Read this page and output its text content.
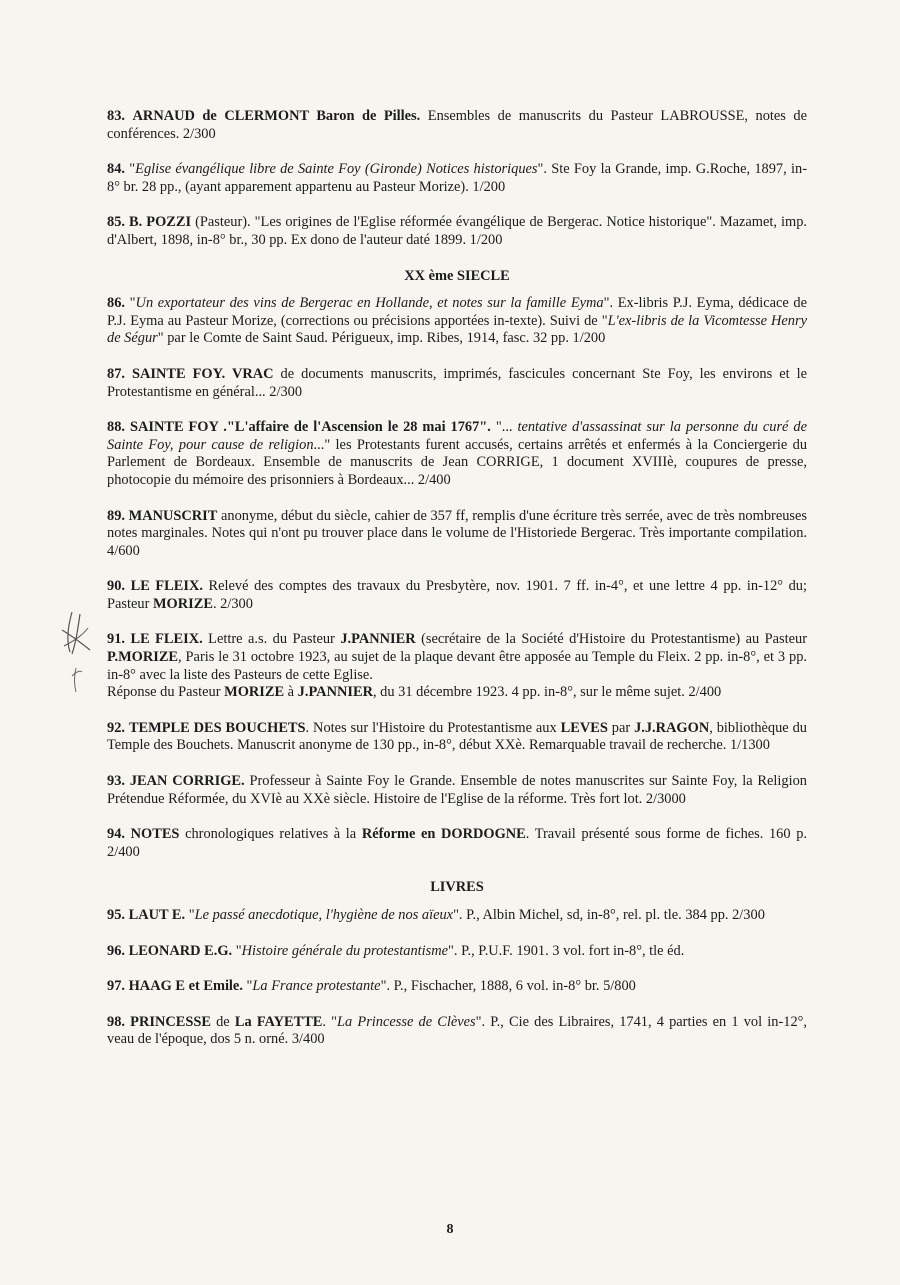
83. ARNAUD de CLERMONT Baron de Pilles. Ensembles de manuscrits du Pasteur LABROUSSE, notes de conférences. 2/300

84. "Eglise évangélique libre de Sainte Foy (Gironde) Notices historiques". Ste Foy la Grande, imp. G.Roche, 1897, in-8° br. 28 pp., (ayant apparement appartenu au Pasteur Morize). 1/200

85. B. POZZI (Pasteur). "Les origines de l'Eglise réformée évangélique de Bergerac. Notice historique". Mazamet, imp. d'Albert, 1898, in-8° br., 30 pp. Ex dono de l'auteur daté 1899. 1/200

XX ème SIECLE

86. "Un exportateur des vins de Bergerac en Hollande, et notes sur la famille Eyma". Ex-libris P.J. Eyma, dédicace de P.J. Eyma au Pasteur Morize, (corrections ou précisions apportées in-texte). Suivi de "L'ex-libris de la Vicomtesse Henry de Ségur" par le Comte de Saint Saud. Périgueux, imp. Ribes, 1914, fasc. 32 pp. 1/200

87. SAINTE FOY. VRAC de documents manuscrits, imprimés, fascicules concernant Ste Foy, les environs et le Protestantisme en général... 2/300

88. SAINTE FOY ."L'affaire de l'Ascension le 28 mai 1767". "... tentative d'assassinat sur la personne du curé de Sainte Foy, pour cause de religion..." les Protestants furent accusés, certains arrêtés et enfermés à la Conciergerie du Parlement de Bordeaux. Ensemble de manuscrits de Jean CORRIGE, 1 document XVIIIè, coupures de presse, photocopie du mémoire des prisonniers à Bordeaux... 2/400

89. MANUSCRIT anonyme, début du siècle, cahier de 357 ff, remplis d'une écriture très serrée, avec de très nombreuses notes marginales. Notes qui n'ont pu trouver place dans le volume de l'Historiede Bergerac. Très importante compilation. 4/600

90. LE FLEIX. Relevé des comptes des travaux du Presbytère, nov. 1901. 7 ff. in-4°, et une lettre 4 pp. in-12° du; Pasteur MORIZE. 2/300

91. LE FLEIX. Lettre a.s. du Pasteur J.PANNIER (secrétaire de la Société d'Histoire du Protestantisme) au Pasteur P.MORIZE, Paris le 31 octobre 1923, au sujet de la plaque devant être apposée au Temple du Fleix. 2 pp. in-8°, et 3 pp. in-8° avec la liste des Pasteurs de cette Eglise.
Réponse du Pasteur MORIZE à J.PANNIER, du 31 décembre 1923. 4 pp. in-8°, sur le même sujet. 2/400

92. TEMPLE DES BOUCHETS. Notes sur l'Histoire du Protestantisme aux LEVES par J.J.RAGON, bibliothèque du Temple des Bouchets. Manuscrit anonyme de 130 pp., in-8°, début XXè. Remarquable travail de recherche. 1/1300

93. JEAN CORRIGE. Professeur à Sainte Foy le Grande. Ensemble de notes manuscrites sur Sainte Foy, la Religion Prétendue Réformée, du XVIè au XXè siècle. Histoire de l'Eglise de la réforme. Très fort lot. 2/3000

94. NOTES chronologiques relatives à la Réforme en DORDOGNE. Travail présenté sous forme de fiches. 160 p. 2/400

LIVRES

95. LAUT E. "Le passé anecdotique, l'hygiène de nos aïeux". P., Albin Michel, sd, in-8°, rel. pl. tle. 384 pp. 2/300

96. LEONARD E.G. "Histoire générale du protestantisme". P., P.U.F. 1901. 3 vol. fort in-8°, tle éd.

97. HAAG E et Emile. "La France protestante". P., Fischacher, 1888, 6 vol. in-8° br. 5/800

98. PRINCESSE de La FAYETTE. "La Princesse de Clèves". P., Cie des Libraires, 1741, 4 parties en 1 vol in-12°, veau de l'époque, dos 5 n. orné. 3/400

8
